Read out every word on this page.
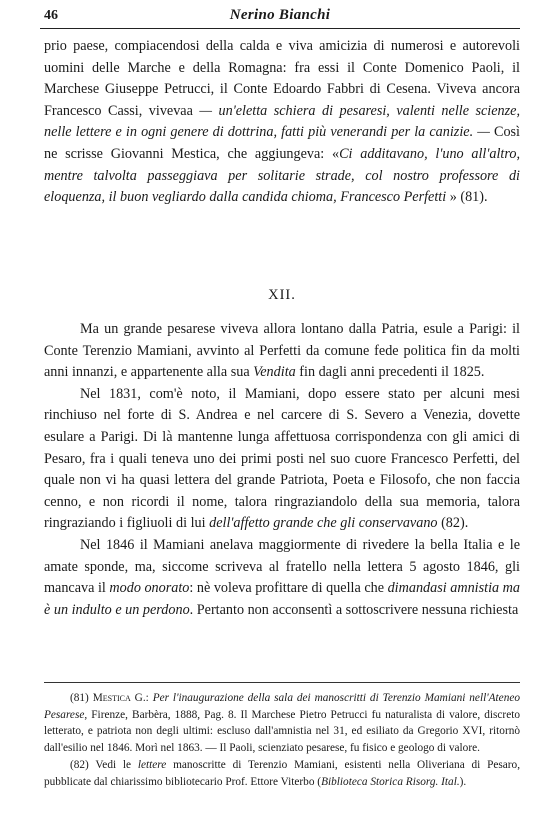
46	Nerino Bianchi

prio paese, compiacendosi della calda e viva amicizia di numerosi e autorevoli uomini delle Marche e della Romagna: fra essi il Conte Domenico Paoli, il Marchese Giuseppe Petrucci, il Conte Edoardo Fabbri di Cesena. Viveva ancora Francesco Cassi, vivevaa — un'eletta schiera di pesaresi, valenti nelle scienze, nelle lettere e in ogni genere di dottrina, fatti più venerandi per la canizie. — Così ne scrisse Giovanni Mestica, che aggiungeva: «Ci additavano, l'uno all'altro, mentre talvolta passeggiava per solitarie strade, col nostro professore di eloquenza, il buon vegliardo dalla candida chioma, Francesco Perfetti » (81).

XII.

Ma un grande pesarese viveva allora lontano dalla Patria, esule a Parigi: il Conte Terenzio Mamiani, avvinto al Perfetti da comune fede politica fin da molti anni innanzi, e appartenente alla sua Vendita fin dagli anni precedenti il 1825.

Nel 1831, com'è noto, il Mamiani, dopo essere stato per alcuni mesi rinchiuso nel forte di S. Andrea e nel carcere di S. Severo a Venezia, dovette esulare a Parigi. Di là mantenne lunga affettuosa corrispondenza con gli amici di Pesaro, fra i quali teneva uno dei primi posti nel suo cuore Francesco Perfetti, del quale non vi ha quasi lettera del grande Patriota, Poeta e Filosofo, che non faccia cenno, e non ricordi il nome, talora ringraziandolo della sua memoria, talora ringraziando i figliuoli di lui dell'affetto grande che gli conservavano (82).

Nel 1846 il Mamiani anelava maggiormente di rivedere la bella Italia e le amate sponde, ma, siccome scriveva al fratello nella lettera 5 agosto 1846, gli mancava il modo onorato: nè voleva profittare di quella che dimandasi amnistia ma è un indulto e un perdono. Pertanto non acconsentì a sottoscrivere nessuna richiesta

(81) Mestica G.: Per l'inaugurazione della sala dei manoscritti di Terenzio Mamiani nell'Ateneo Pesarese, Firenze, Barbèra, 1888, Pag. 8. Il Marchese Pietro Petrucci fu naturalista di valore, discreto letterato, e patriota non degli ultimi: escluso dall'amnistia nel 31, ed esiliato da Gregorio XVI, ritornò dall'esilio nel 1846. Morì nel 1863. — Il Paoli, scienziato pesarese, fu fisico e geologo di valore.

(82) Vedi le lettere manoscritte di Terenzio Mamiani, esistenti nella Oliveriana di Pesaro, pubblicate dal chiarissimo bibliotecario Prof. Ettore Viterbo (Biblioteca Storica Risorg. Ital.).
